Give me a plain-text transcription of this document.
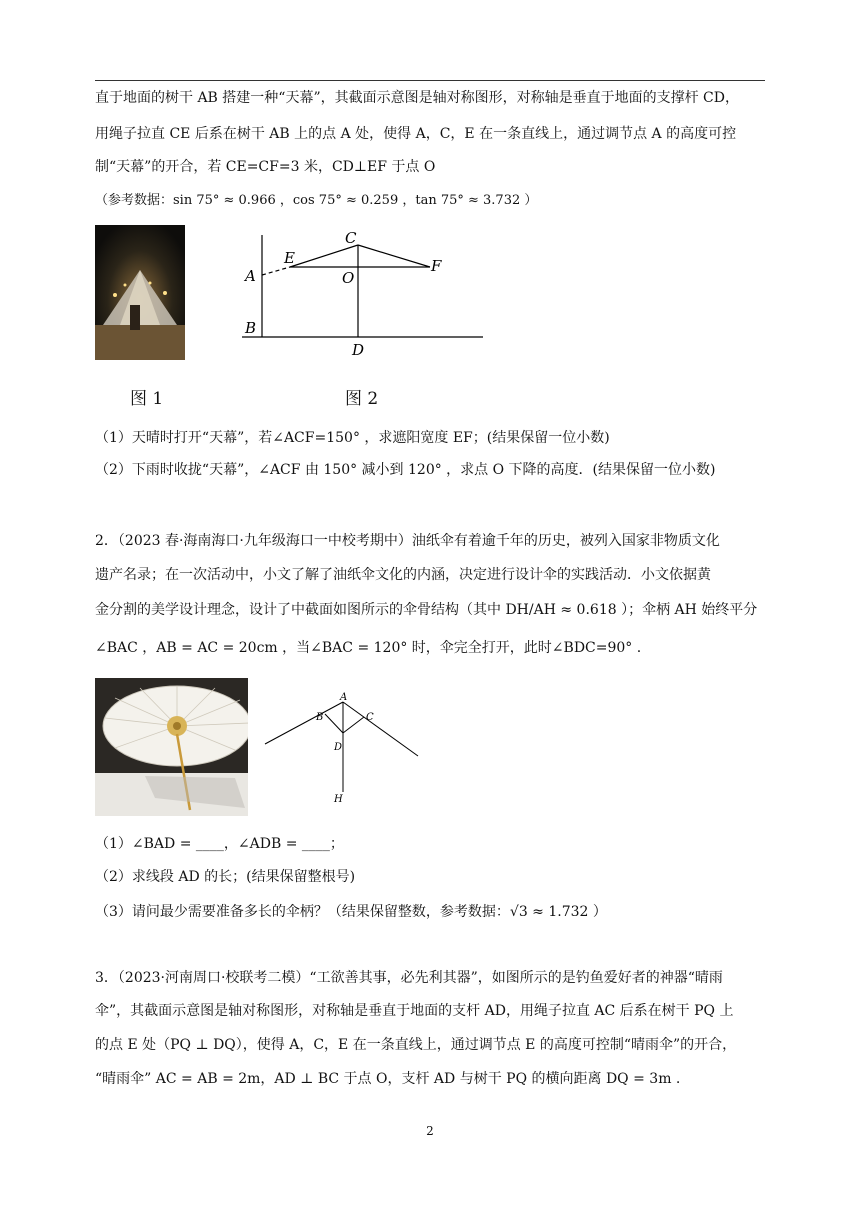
直于地面的树干 AB 搭建一种“天幕”，其截面示意图是轴对称图形，对称轴是垂直于地面的支撑杆 CD，
用绳子拉直 CE 后系在树干 AB 上的点 A 处，使得 A，C，E 在一条直线上，通过调节点 A 的高度可控
制“天幕”的开合，若 CE=CF=3 米，CD⊥EF 于点 O
（参考数据：sin 75° ≈ 0.966 ，cos 75° ≈ 0.259 ，tan 75° ≈ 3.732 ）
C
E	F
O
A
B
D
图 1	图 2
（1）天晴时打开“天幕”，若∠ACF=150° ，求遮阳宽度 EF；(结果保留一位小数)
（2）下雨时收拢“天幕”，∠ACF 由 150° 减小到 120° ，求点 O 下降的高度．(结果保留一位小数)
2．（2023 春·海南海口·九年级海口一中校考期中）油纸伞有着逾千年的历史，被列入国家非物质文化
遗产名录；在一次活动中，小文了解了油纸伞文化的内涵，决定进行设计伞的实践活动．小文依据黄
金分割的美学设计理念，设计了中截面如图所示的伞骨结构（其中 DH/AH ≈ 0.618 ）；伞柄 AH 始终平分
∠BAC ，AB = AC = 20cm ，当∠BAC = 120° 时，伞完全打开，此时∠BDC=90° .
A
B	C
D
H
（1）∠BAD = ____，∠ADB = ____；
（2）求线段 AD 的长；(结果保留整根号)
（3）请问最少需要准备多长的伞柄？（结果保留整数，参考数据：√3 ≈ 1.732 ）
3．（2023·河南周口·校联考二模）“工欲善其事，必先利其器”，如图所示的是钓鱼爱好者的神器“晴雨
伞”，其截面示意图是轴对称图形，对称轴是垂直于地面的支杆 AD，用绳子拉直 AC 后系在树干 PQ 上
的点 E 处（PQ ⊥ DQ），使得 A，C，E 在一条直线上，通过调节点 E 的高度可控制“晴雨伞”的开合，
“晴雨伞” AC = AB = 2m，AD ⊥ BC 于点 O，支杆 AD 与树干 PQ 的横向距离 DQ = 3m .
2
